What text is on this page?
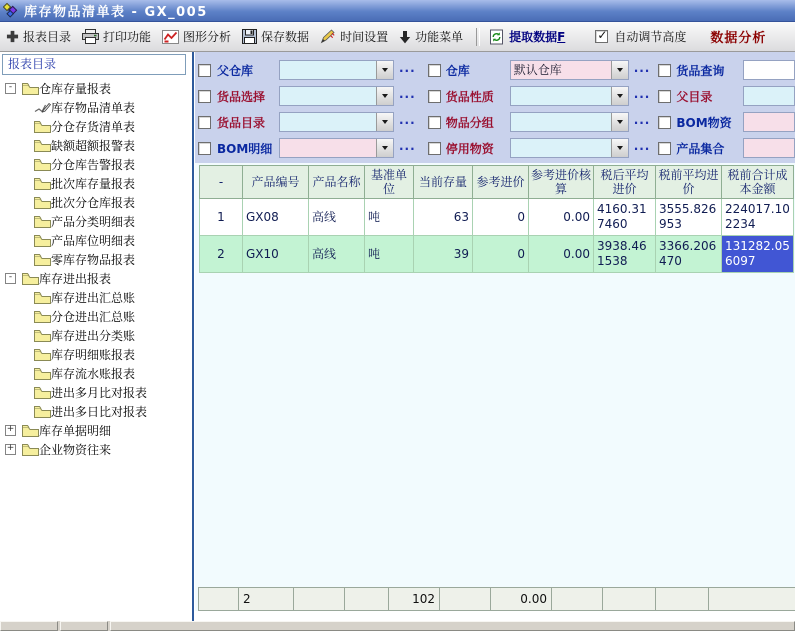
库存物品清单表 - GX_005
报表目录	打印功能	图形分析	保存数据	时间设置 功能菜单	提取数据F
✓	自动调节高度 数据分析
报表目录
-	仓库存量报表
库存物品清单表
分仓存货清单表
缺额超额报警表
分仓库告警报表
批次库存量报表
批次分仓库报表
产品分类明细表
产品库位明细表
零库存物品报表
-	库存进出报表
库存进出汇总账
分仓进出汇总账
库存进出分类账
库存明细账报表
库存流水账报表
进出多月比对报表
进出多日比对报表
+ 库存单据明细
+ 企业物资往来
父仓库	...	仓库	默认仓库	... 货品查询
货品选择	...	货品性质	... 父目录
货品目录	...	物品分组	... BOM物资
BOM明细	...	停用物资	... 产品集合
-	产品编号	产品名称	基准单位	当前存量	参考进价	参考进价核算	税后平均进价	税前平均进价	税前合计成本金额
1	GX08	高线	吨	63	0	0.00	4160.317460	3555.826953	224017.102234
2	GX10	高线	吨	39	0	0.00	3938.461538	3366.206470	131282.056097
	2			102		0.00				
